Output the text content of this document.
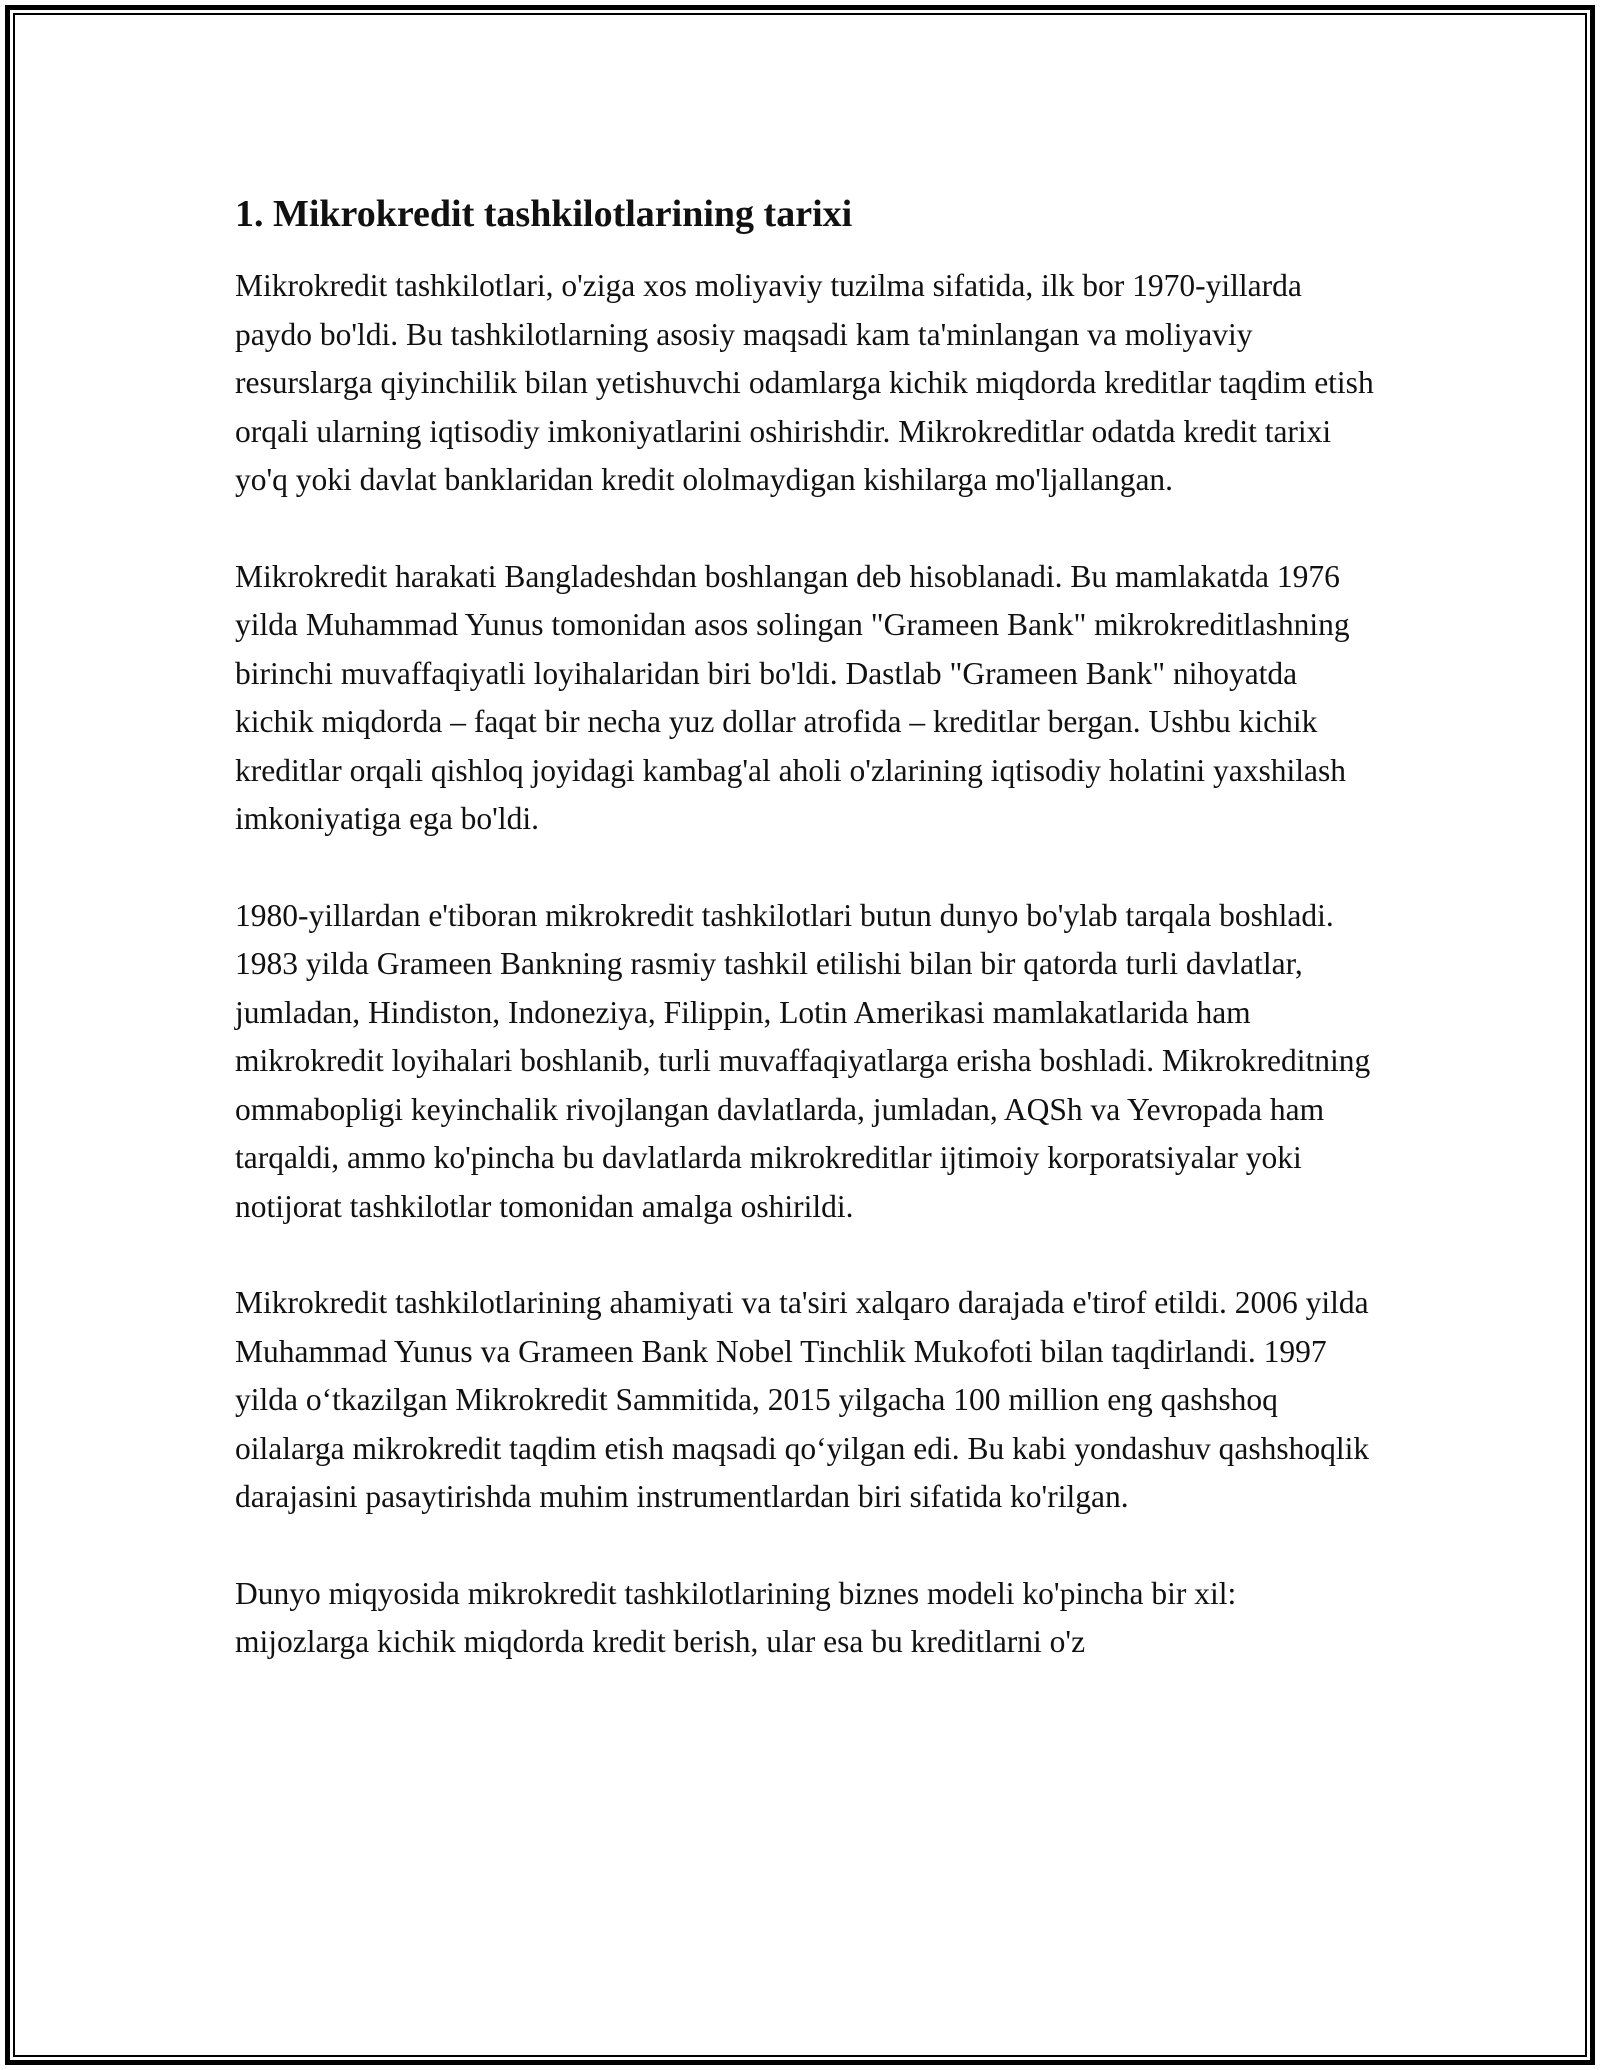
1. Mikrokredit tashkilotlarining tarixi

Mikrokredit tashkilotlari, o'ziga xos moliyaviy tuzilma sifatida, ilk bor 1970-yillarda paydo bo'ldi. Bu tashkilotlarning asosiy maqsadi kam ta'minlangan va moliyaviy resurslarga qiyinchilik bilan yetishuvchi odamlarga kichik miqdorda kreditlar taqdim etish orqali ularning iqtisodiy imkoniyatlarini oshirishdir. Mikrokreditlar odatda kredit tarixi yo'q yoki davlat banklaridan kredit ololmaydigan kishilarga mo'ljallangan.

Mikrokredit harakati Bangladeshdan boshlangan deb hisoblanadi. Bu mamlakatda 1976 yilda Muhammad Yunus tomonidan asos solingan "Grameen Bank" mikrokreditlashning birinchi muvaffaqiyatli loyihalaridan biri bo'ldi. Dastlab "Grameen Bank" nihoyatda kichik miqdorda – faqat bir necha yuz dollar atrofida – kreditlar bergan. Ushbu kichik kreditlar orqali qishloq joyidagi kambag'al aholi o'zlarining iqtisodiy holatini yaxshilash imkoniyatiga ega bo'ldi.

1980-yillardan e'tiboran mikrokredit tashkilotlari butun dunyo bo'ylab tarqala boshladi. 1983 yilda Grameen Bankning rasmiy tashkil etilishi bilan bir qatorda turli davlatlar, jumladan, Hindiston, Indoneziya, Filippin, Lotin Amerikasi mamlakatlarida ham mikrokredit loyihalari boshlanib, turli muvaffaqiyatlarga erisha boshladi. Mikrokreditning ommabopligi keyinchalik rivojlangan davlatlarda, jumladan, AQSh va Yevropada ham tarqaldi, ammo ko'pincha bu davlatlarda mikrokreditlar ijtimoiy korporatsiyalar yoki notijorat tashkilotlar tomonidan amalga oshirildi.

Mikrokredit tashkilotlarining ahamiyati va ta'siri xalqaro darajada e'tirof etildi. 2006 yilda Muhammad Yunus va Grameen Bank Nobel Tinchlik Mukofoti bilan taqdirlandi. 1997 yilda o‘tkazilgan Mikrokredit Sammitida, 2015 yilgacha 100 million eng qashshoq oilalarga mikrokredit taqdim etish maqsadi qo‘yilgan edi. Bu kabi yondashuv qashshoqlik darajasini pasaytirishda muhim instrumentlardan biri sifatida ko'rilgan.

Dunyo miqyosida mikrokredit tashkilotlarining biznes modeli ko'pincha bir xil: mijozlarga kichik miqdorda kredit berish, ular esa bu kreditlarni o'z
